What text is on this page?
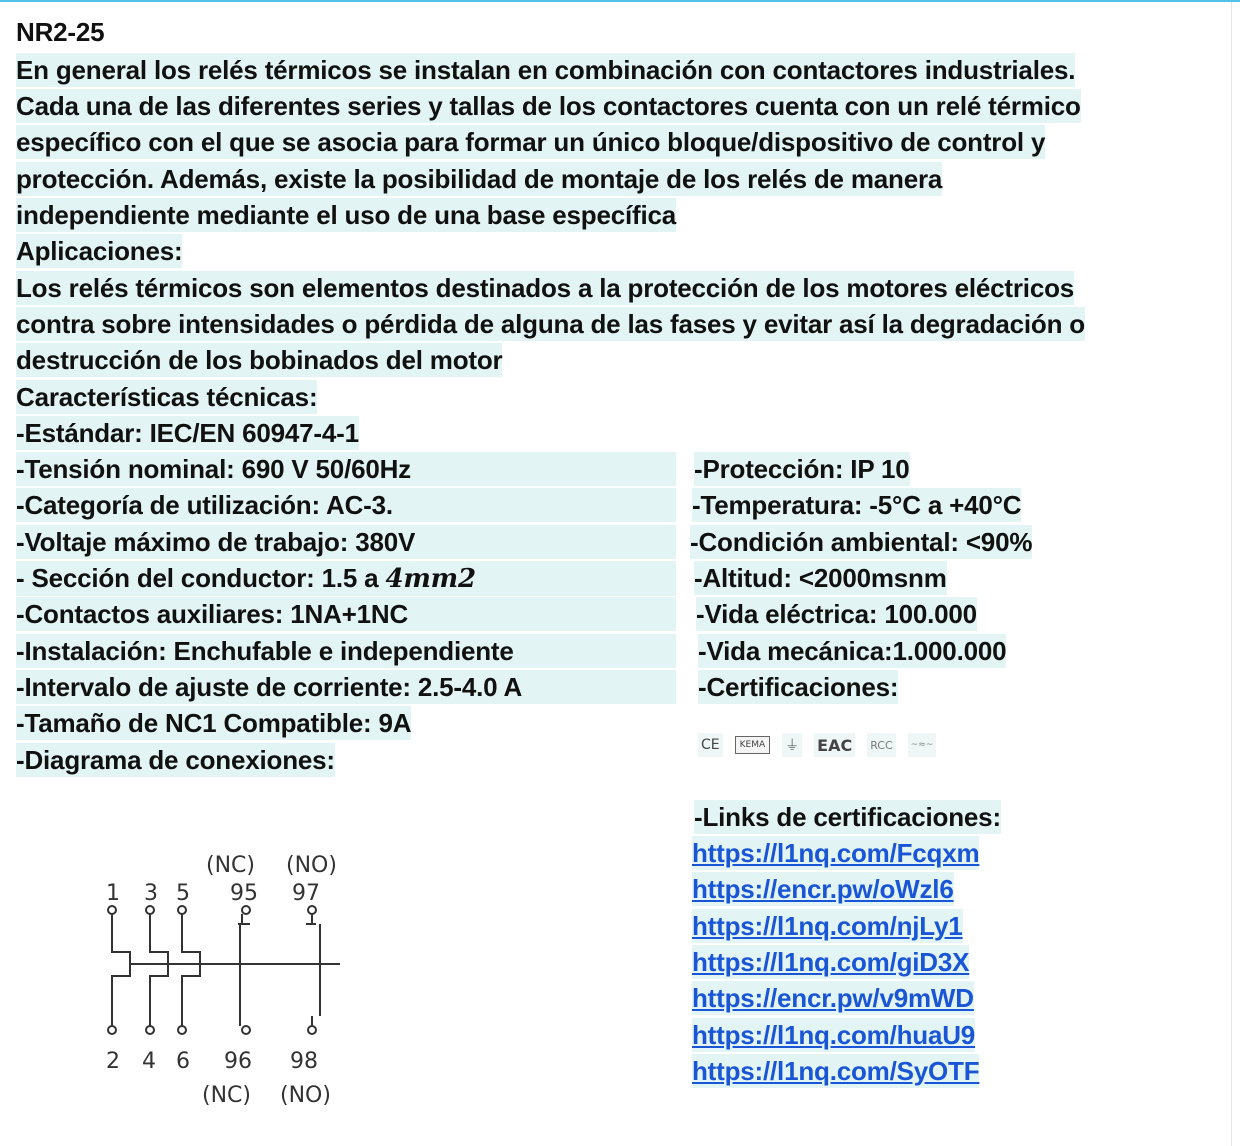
NR2-25
En general los relés térmicos se instalan en combinación con contactores industriales.
Cada una de las diferentes series y tallas de los contactores cuenta con un relé térmico
específico con el que se asocia para formar un único bloque/dispositivo de control y
protección. Además, existe la posibilidad de montaje de los relés de manera
independiente mediante el uso de una base específica
Aplicaciones:
Los relés térmicos son elementos destinados a la protección de los motores eléctricos
contra sobre intensidades o pérdida de alguna de las fases y evitar así la degradación o
destrucción de los bobinados del motor
Características técnicas:
-Estándar: IEC/EN 60947-4-1
-Tensión nominal: 690 V 50/60Hz
-Categoría de utilización: AC-3.
-Voltaje máximo de trabajo: 380V
- Sección del conductor: 1.5 a 4mm2
-Contactos auxiliares: 1NA+1NC
-Instalación: Enchufable e independiente
-Intervalo de ajuste de corriente: 2.5-4.0 A
-Tamaño de NC1 Compatible: 9A
-Diagrama de conexiones:
-Protección: IP 10
-Temperatura: -5°C a +40°C
-Condición ambiental: <90%
-Altitud: <2000msnm
-Vida eléctrica: 100.000
-Vida mecánica:1.000.000
-Certificaciones:
CE	KEMA	⏚ EAC RCC	~≈~
-Links de certificaciones:
https://l1nq.com/Fcqxm
https://encr.pw/oWzl6
https://l1nq.com/njLy1
https://l1nq.com/giD3X
https://encr.pw/v9mWD
https://l1nq.com/huaU9
https://l1nq.com/SyOTF
(NC) (NO)
1 3 5 95 97
2 4 6 96 98
(NC) (NO)
